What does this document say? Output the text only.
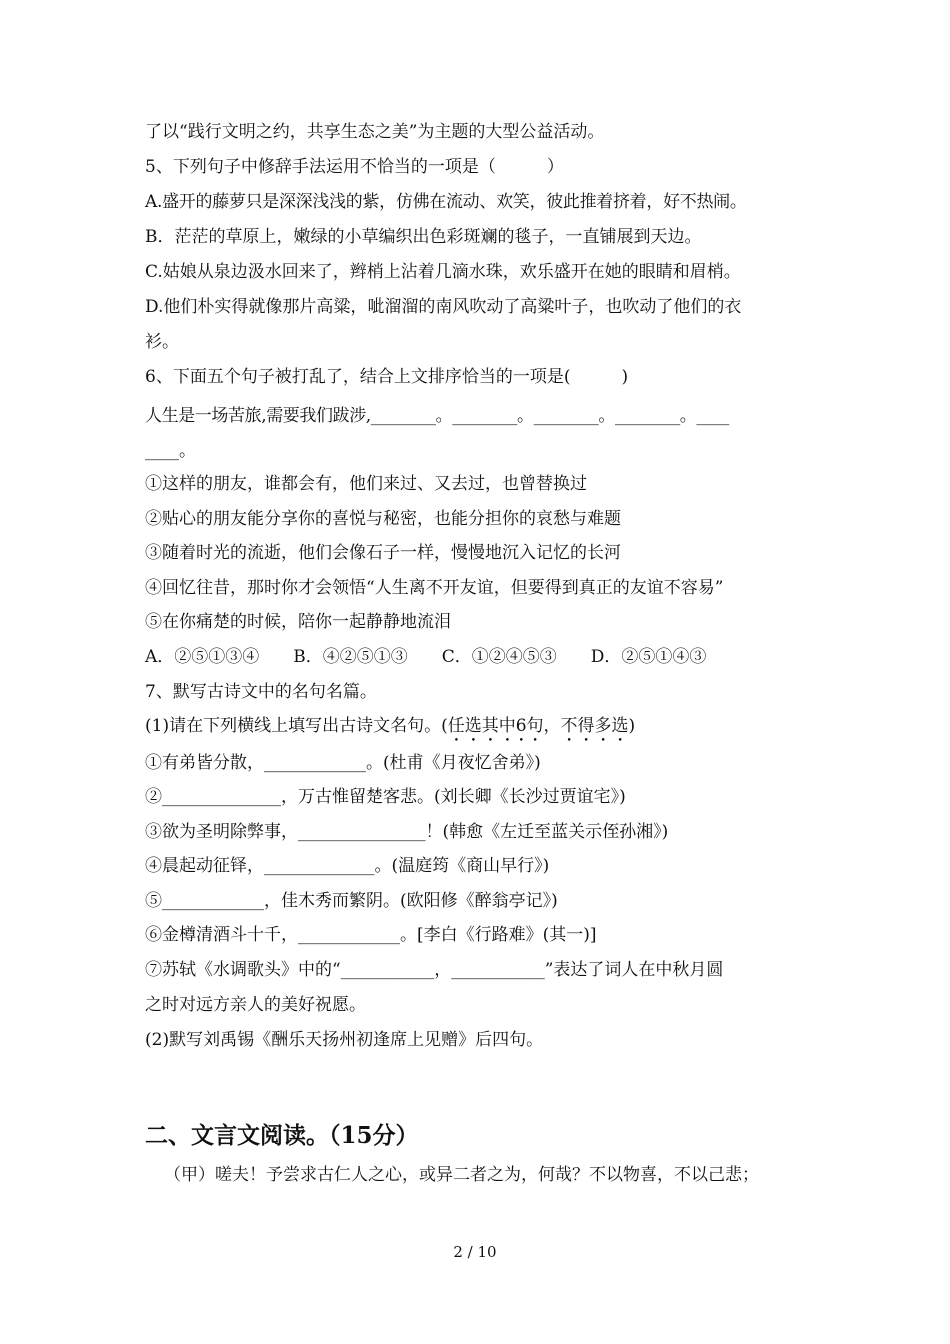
了以“践行文明之约，共享生态之美”为主题的大型公益活动。
5、下列句子中修辞手法运用不恰当的一项是（　　　）
A.盛开的藤萝只是深深浅浅的紫，仿佛在流动、欢笑，彼此推着挤着，好不热闹。
B．茫茫的草原上，嫩绿的小草编织出色彩斑斓的毯子，一直铺展到天边。
C.姑娘从泉边汲水回来了，辫梢上沾着几滴水珠，欢乐盛开在她的眼睛和眉梢。
D.他们朴实得就像那片高粱，呲溜溜的南风吹动了高粱叶子，也吹动了他们的衣
衫。
6、下面五个句子被打乱了，结合上文排序恰当的一项是(　　　)
人生是一场苦旅,需要我们跋涉,________。________。________。________。____
____。
①这样的朋友，谁都会有，他们来过、又去过，也曾替换过
②贴心的朋友能分享你的喜悦与秘密，也能分担你的哀愁与难题
③随着时光的流逝，他们会像石子一样，慢慢地沉入记忆的长河
④回忆往昔，那时你才会领悟“人生离不开友谊，但要得到真正的友谊不容易”
⑤在你痛楚的时候，陪你一起静静地流泪
A．②⑤①③④　　B．④②⑤①③　　C．①②④⑤③　　D．②⑤①④③
7、默写古诗文中的名句名篇。
(1)请在下列横线上填写出古诗文名句。(任选其中6句，不得多选)
①有弟皆分散，____________。(杜甫《月夜忆舍弟》)
②______________，万古惟留楚客悲。(刘长卿《长沙过贾谊宅》)
③欲为圣明除弊事，_______________！(韩愈《左迁至蓝关示侄孙湘》)
④晨起动征铎，_____________。(温庭筠《商山早行》)
⑤____________，佳木秀而繁阴。(欧阳修《醉翁亭记》)
⑥金樽清酒斗十千，____________。[李白《行路难》(其一)]
⑦苏轼《水调歌头》中的“___________，___________”表达了词人在中秋月圆
之时对远方亲人的美好祝愿。
(2)默写刘禹锡《酬乐天扬州初逢席上见赠》后四句。
二、文言文阅读。（15分）
（甲）嗟夫！予尝求古仁人之心，或异二者之为，何哉？不以物喜，不以己悲；
2 / 10
